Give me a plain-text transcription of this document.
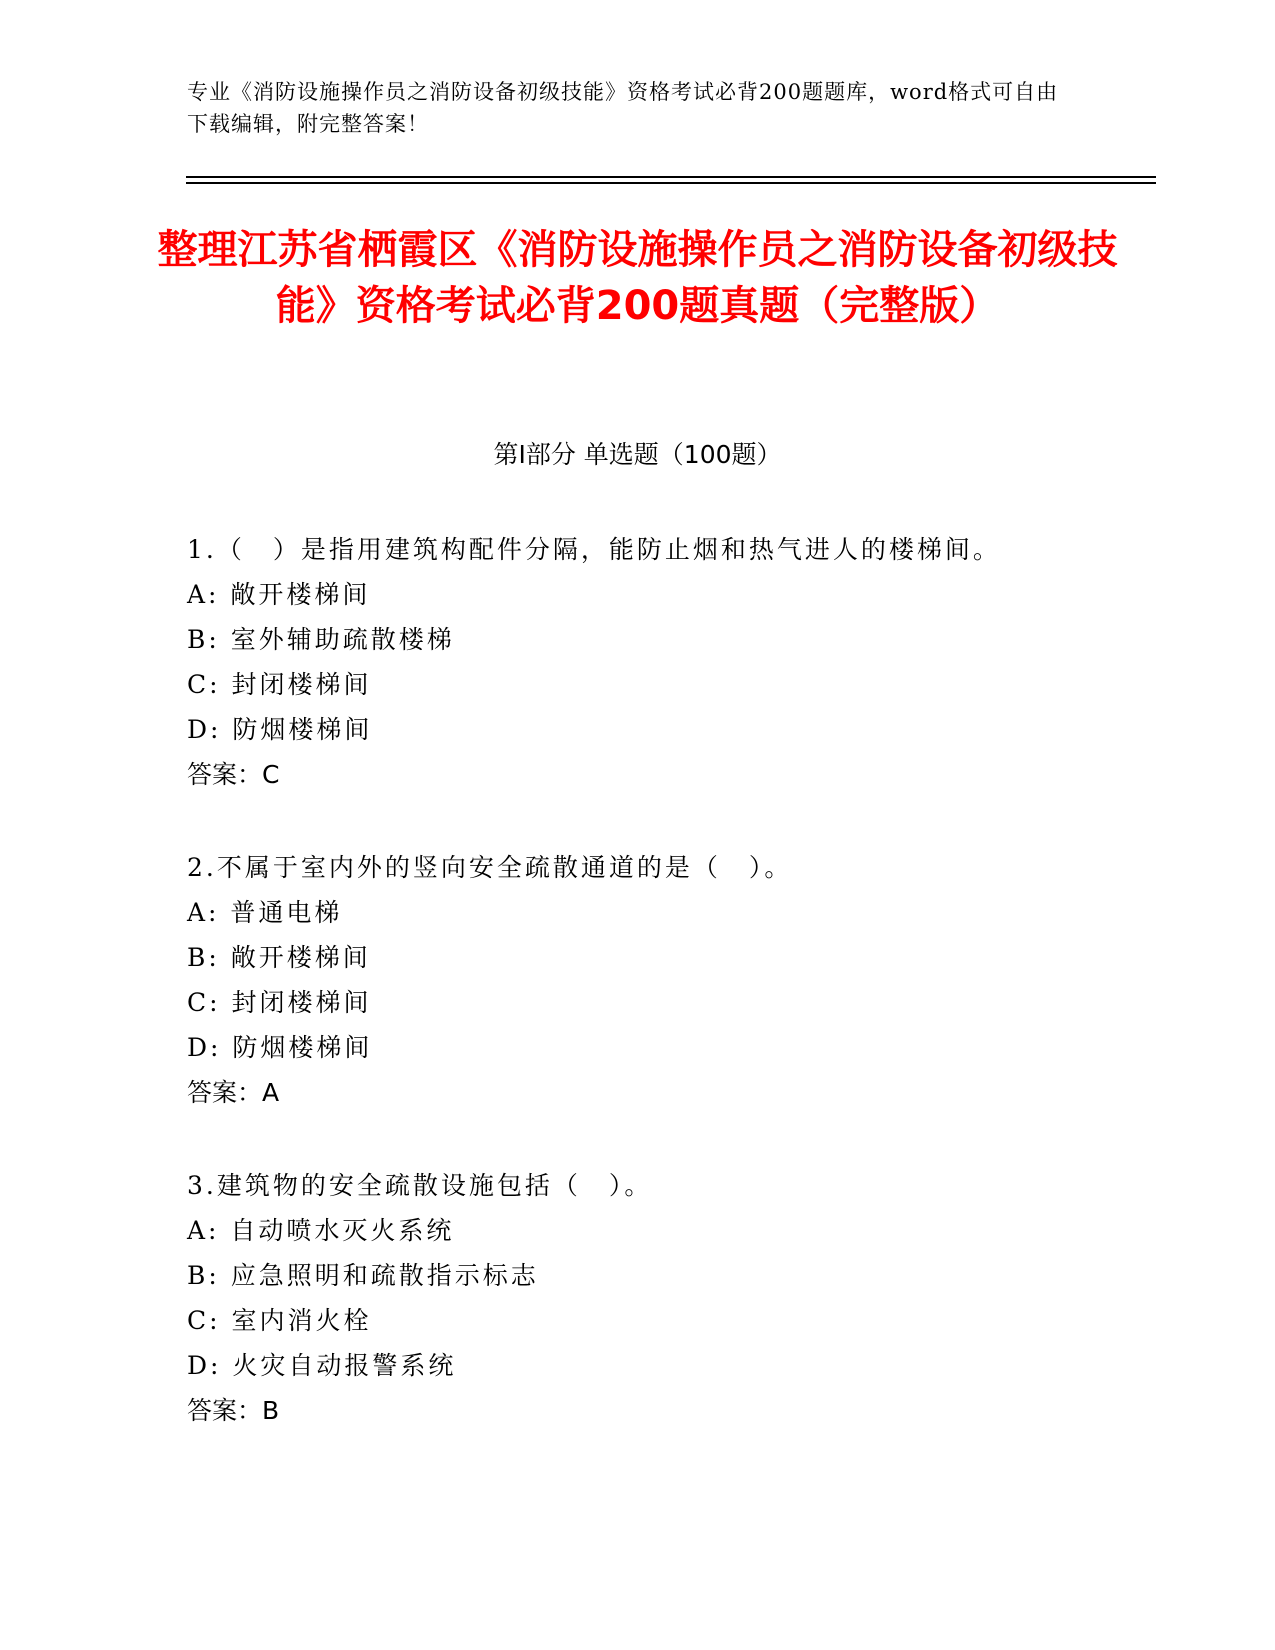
专业《消防设施操作员之消防设备初级技能》资格考试必背200题题库，word格式可自由下载编辑，附完整答案！
整理江苏省栖霞区《消防设施操作员之消防设备初级技能》资格考试必背200题真题（完整版）
第Ⅰ部分 单选题（100题）
1.（　）是指用建筑构配件分隔，能防止烟和热气进人的楼梯间。
A: 敞开楼梯间
B: 室外辅助疏散楼梯
C: 封闭楼梯间
D: 防烟楼梯间
答案：C
2.不属于室内外的竖向安全疏散通道的是（　）。
A: 普通电梯
B: 敞开楼梯间
C: 封闭楼梯间
D: 防烟楼梯间
答案：A
3.建筑物的安全疏散设施包括（　）。
A: 自动喷水灭火系统
B: 应急照明和疏散指示标志
C: 室内消火栓
D: 火灾自动报警系统
答案：B
